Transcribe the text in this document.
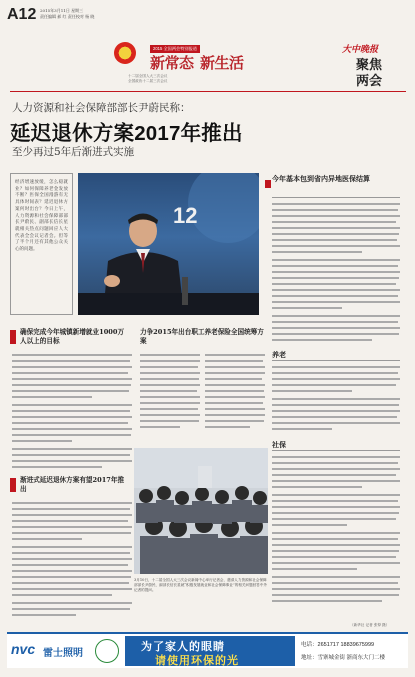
A12 2015年3月11日 星期三
责任编辑 郝 红 责任校对 杨 晓
2015 全国两会特别报道
新常态 新生活
十二届全国人大三次会议
全国政协十二届三次会议
大中晚报
聚焦
两会
人力资源和社会保障部部长尹蔚民称：
延迟退休方案2017年推出
至少再过5年后渐进式实施
经济增速放缓，怎么稳就业？如何保障养老金发放不断？医保全国漫游有无具体时间表？延迟退休方案何时出台？今日上午，人力资源和社会保障部部长尹蔚民、副部长信长星就相关热点问题回应人大代表全会议记者会。但等了半个月还有其他公众关心的问题。
12
今年基本包到省内异地医保结算
养老
社保
确保完成今年城镇新增就业1000万人以上的目标
渐进式延迟退休方案有望2017年推出
力争2015年出台职工养老保险全国统筹方案
3月10日，十二届全国人大三次会议新闻中心举行记者会，邀请人力资源和社会保障部部长尹蔚民、副部长信长星就“积极发展就业和社会保障事业”的相关问题回答中外记者的提问。
（新华社 记者 张铎 摄）
nvc 雷士照明
为了家人的眼睛
请使用环保的光
电话：2651717 18839675999
地址：雪寨城金街 浙商东大门二楼
